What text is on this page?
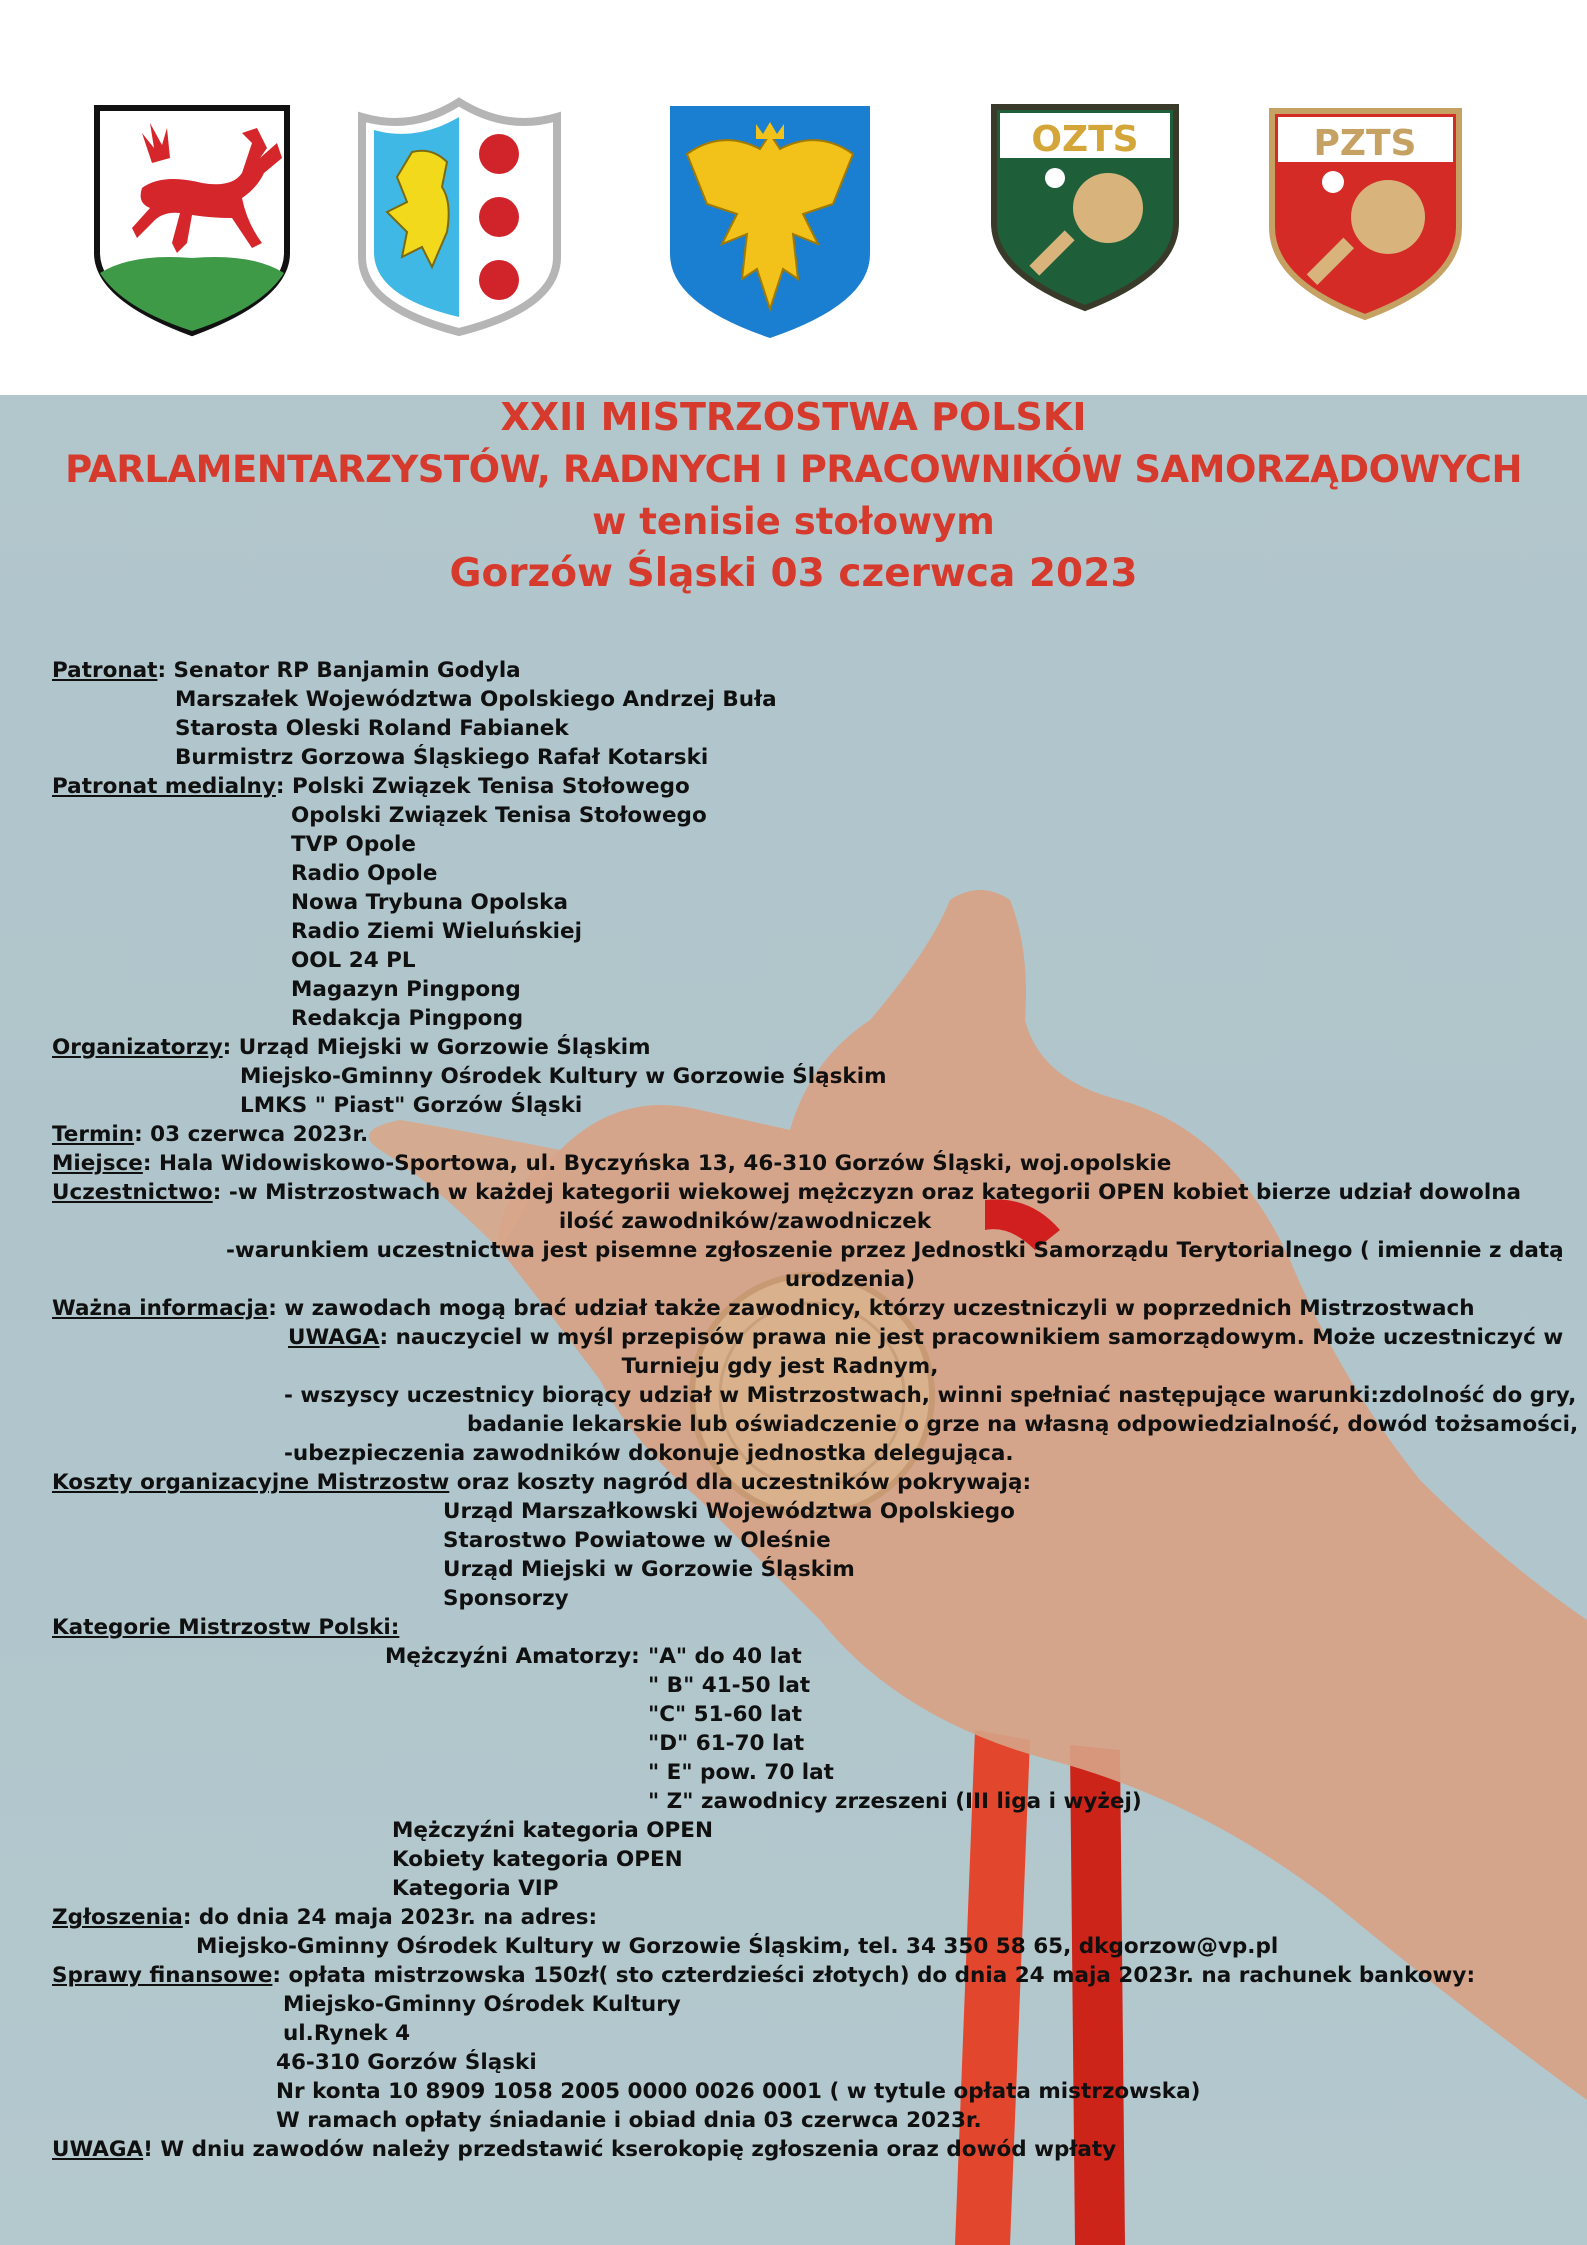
OZTS	PZTS
XXII MISTRZOSTWA POLSKI
PARLAMENTARZYSTÓW, RADNYCH I PRACOWNIKÓW SAMORZĄDOWYCH
w tenisie stołowym
Gorzów Śląski 03 czerwca 2023
Patronat: Senator RP Banjamin Godyla
Marszałek Województwa Opolskiego Andrzej Buła
Starosta Oleski Roland Fabianek
Burmistrz Gorzowa Śląskiego Rafał Kotarski
Patronat medialny: Polski Związek Tenisa Stołowego
Opolski Związek Tenisa Stołowego
TVP Opole
Radio Opole
Nowa Trybuna Opolska
Radio Ziemi Wieluńskiej
OOL 24 PL
Magazyn Pingpong
Redakcja Pingpong
Organizatorzy: Urząd Miejski w Gorzowie Śląskim
Miejsko-Gminny Ośrodek Kultury w Gorzowie Śląskim
LMKS " Piast" Gorzów Śląski
Termin: 03 czerwca 2023r.
Miejsce: Hala Widowiskowo-Sportowa, ul. Byczyńska 13, 46-310 Gorzów Śląski, woj.opolskie
Uczestnictwo: -w Mistrzostwach w każdej kategorii wiekowej mężczyzn oraz kategorii OPEN kobiet bierze udział dowolna
ilość zawodników/zawodniczek
-warunkiem uczestnictwa jest pisemne zgłoszenie przez Jednostki Samorządu Terytorialnego ( imiennie z datą
urodzenia)
Ważna informacja: w zawodach mogą brać udział także zawodnicy, którzy uczestniczyli w poprzednich Mistrzostwach
UWAGA: nauczyciel w myśl przepisów prawa nie jest pracownikiem samorządowym. Może uczestniczyć w
Turnieju gdy jest Radnym,
- wszyscy uczestnicy biorący udział w Mistrzostwach, winni spełniać następujące warunki:zdolność do gry,
badanie lekarskie lub oświadczenie o grze na własną odpowiedzialność, dowód tożsamości,
-ubezpieczenia zawodników dokonuje jednostka delegująca.
Koszty organizacyjne Mistrzostw oraz koszty nagród dla uczestników pokrywają:
Urząd Marszałkowski Województwa Opolskiego
Starostwo Powiatowe w Oleśnie
Urząd Miejski w Gorzowie Śląskim
Sponsorzy
Kategorie Mistrzostw Polski:
Mężczyźni Amatorzy: "A" do 40 lat
" B" 41-50 lat
"C" 51-60 lat
"D" 61-70 lat
" E" pow. 70 lat
" Z" zawodnicy zrzeszeni (III liga i wyżej)
Mężczyźni kategoria OPEN
Kobiety kategoria OPEN
Kategoria VIP
Zgłoszenia: do dnia 24 maja 2023r. na adres:
Miejsko-Gminny Ośrodek Kultury w Gorzowie Śląskim, tel. 34 350 58 65, dkgorzow@vp.pl
Sprawy finansowe: opłata mistrzowska 150zł( sto czterdzieści złotych) do dnia 24 maja 2023r. na rachunek bankowy:
Miejsko-Gminny Ośrodek Kultury
ul.Rynek 4
46-310 Gorzów Śląski
Nr konta 10 8909 1058 2005 0000 0026 0001 ( w tytule opłata mistrzowska)
W ramach opłaty śniadanie i obiad dnia 03 czerwca 2023r.
UWAGA! W dniu zawodów należy przedstawić kserokopię zgłoszenia oraz dowód wpłaty
